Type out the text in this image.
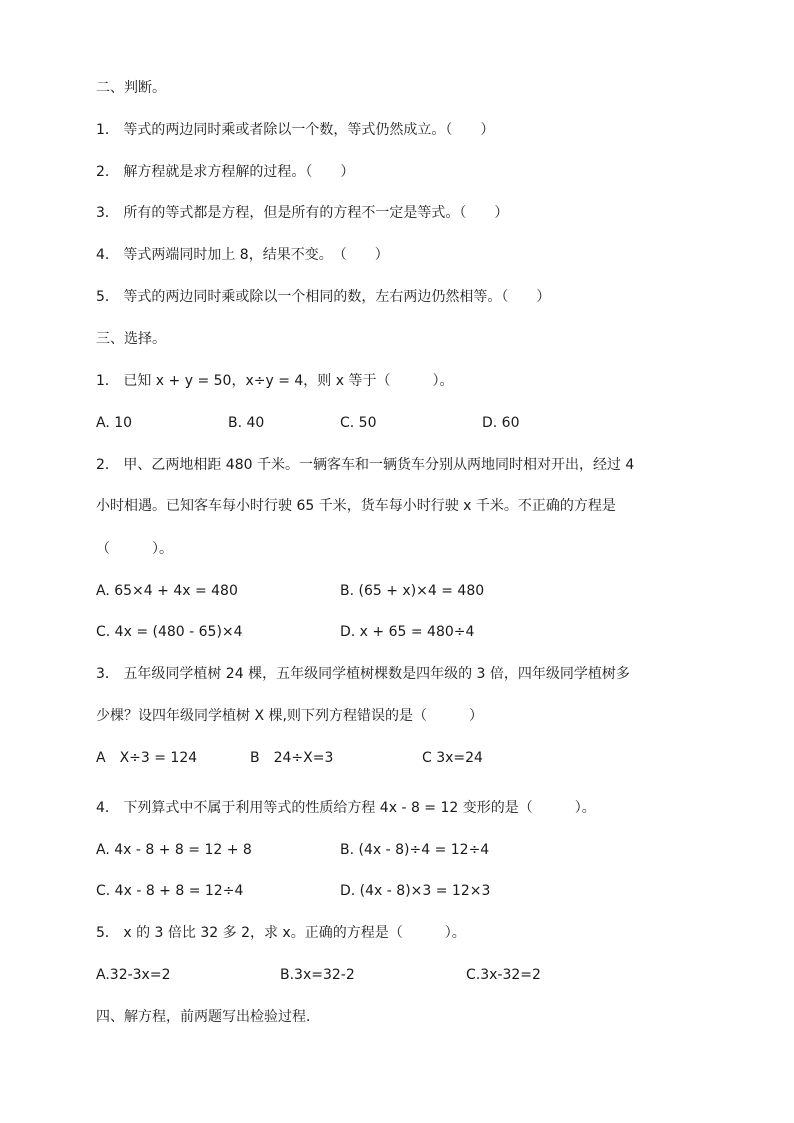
二、判断。
1． 等式的两边同时乘或者除以一个数，等式仍然成立。（　　）
2． 解方程就是求方程解的过程。（　　）
3． 所有的等式都是方程，但是所有的方程不一定是等式。（　　）
4． 等式两端同时加上 8，结果不变。　（　　）
5． 等式的两边同时乘或除以一个相同的数，左右两边仍然相等。（　　）
三、选择。
1． 已知 x + y = 50，x÷y = 4，则 x 等于（　　　）。
A. 10	B. 40	C. 50	D. 60
2． 甲、乙两地相距 480 千米。一辆客车和一辆货车分别从两地同时相对开出，经过 4
小时相遇。已知客车每小时行驶 65 千米，货车每小时行驶 x 千米。不正确的方程是
（　　　）。
A. 65×4 + 4x = 480	B. (65 + x)×4 = 480
C. 4x = (480 - 65)×4	D. x + 65 = 480÷4
3． 五年级同学植树 24 棵，五年级同学植树棵数是四年级的 3 倍，四年级同学植树多
少棵？设四年级同学植树 X 棵,则下列方程错误的是（　　　）
A　X÷3 = 124	B　24÷X=3	C 3x=24
4． 下列算式中不属于利用等式的性质给方程 4x - 8 = 12 变形的是（　　　）。
A. 4x - 8 + 8 = 12 + 8	B. (4x - 8)÷4 = 12÷4
C. 4x - 8 + 8 = 12÷4	D. (4x - 8)×3 = 12×3
5． x 的 3 倍比 32 多 2，求 x。正确的方程是（　　　）。
A.32-3x=2	B.3x=32-2	C.3x-32=2
四、解方程，前两题写出检验过程．
